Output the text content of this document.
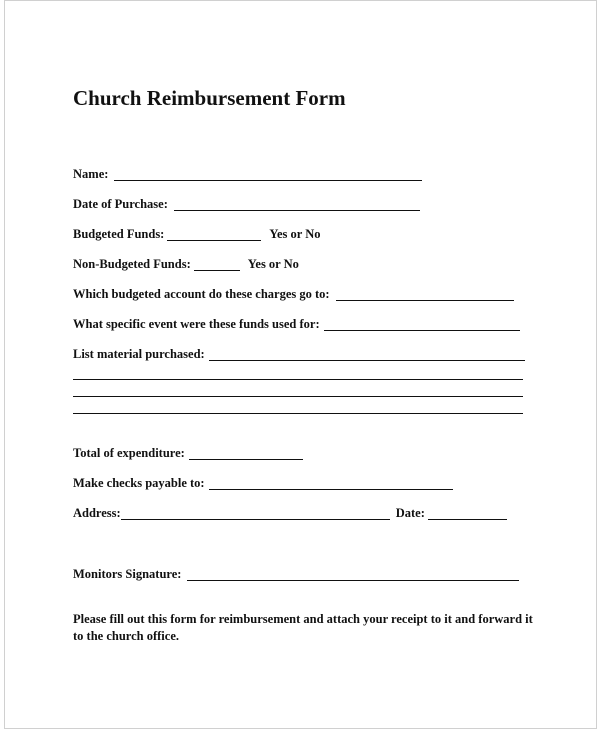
Church Reimbursement Form
Name:
Date of Purchase:
Budgeted Funds:	Yes or No
Non-Budgeted Funds:	Yes or No
Which budgeted account do these charges go to:
What specific event were these funds used for:
List material purchased:
Total of expenditure:
Make checks payable to:
Address:	Date:
Monitors Signature:
Please fill out this form for reimbursement and attach your receipt to it and forward it to the church office.
